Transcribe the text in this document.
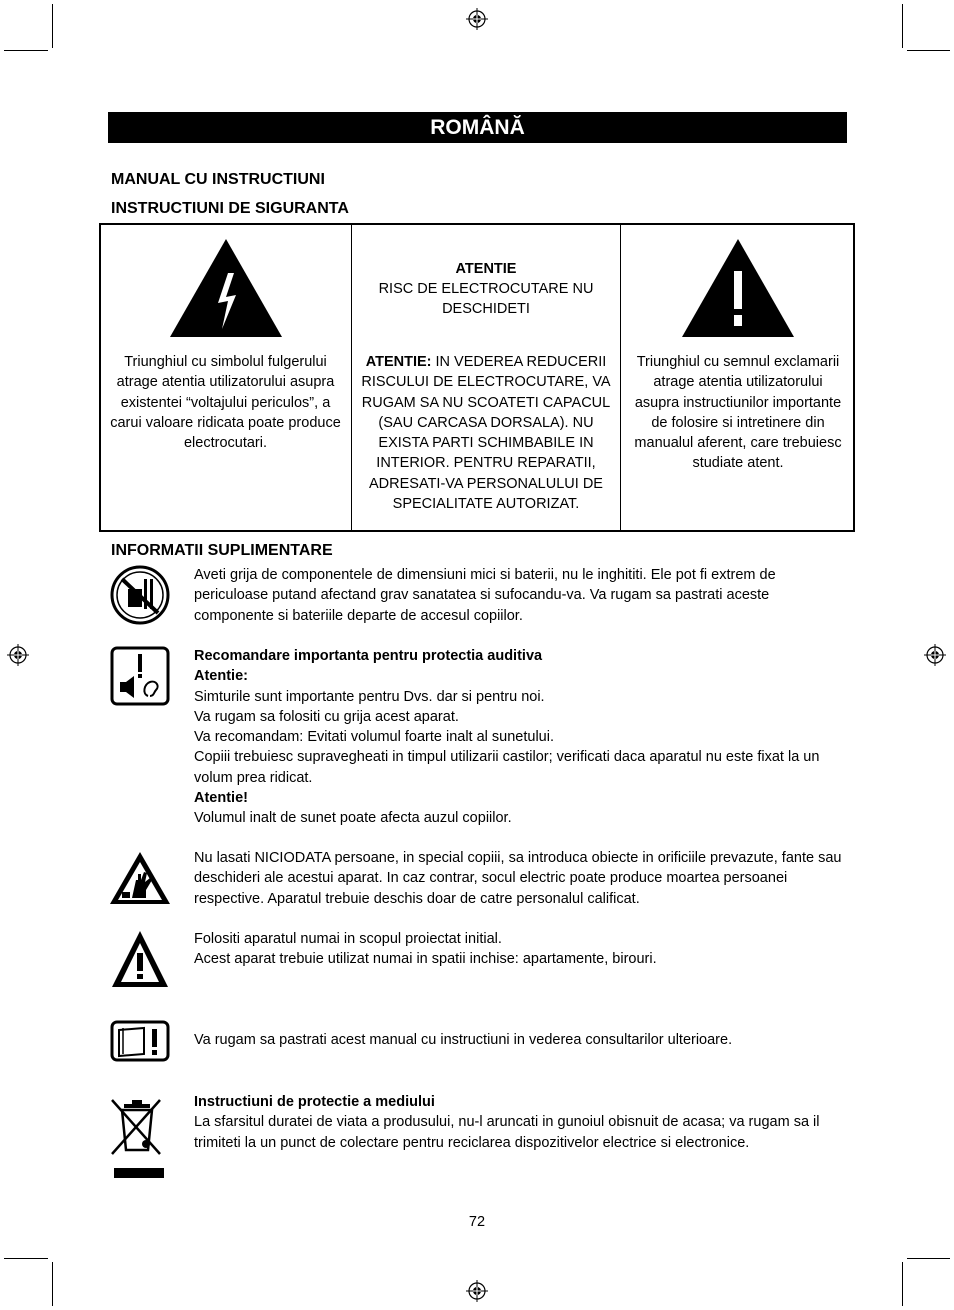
ROMÂNĂ
MANUAL CU INSTRUCTIUNI
INSTRUCTIUNI DE SIGURANTA
Triunghiul cu simbolul fulgerului atrage atentia utilizatorului asupra existentei “voltajului periculos”, a carui valoare ridicata poate produce electrocutari.
ATENTIE
RISC DE ELECTROCUTARE NU DESCHIDETI
ATENTIE: IN VEDEREA REDUCERII RISCULUI DE ELECTROCUTARE, VA RUGAM SA NU SCOATETI CAPACUL (SAU CARCASA DORSALA). NU EXISTA PARTI SCHIMBABILE IN INTERIOR. PENTRU REPARATII, ADRESATI-VA PERSONALULUI DE SPECIALITATE AUTORIZAT.
Triunghiul cu semnul exclamarii atrage atentia utilizatorului asupra instructiunilor importante de folosire si intretinere din manualul aferent, care trebuiesc studiate atent.
INFORMATII SUPLIMENTARE
Aveti grija de componentele de dimensiuni mici si baterii, nu le inghititi. Ele pot fi extrem de periculoase putand afectand grav sanatatea si sufocandu-va. Va rugam sa pastrati aceste componente si bateriile departe de accesul copiilor.

Recomandare importanta pentru protectia auditiva

Atentie:

Simturile sunt importante pentru Dvs. dar si pentru noi.

Va rugam sa folositi cu grija acest aparat.

Va recomandam: Evitati volumul foarte inalt al sunetului.

Copiii trebuiesc supravegheati in timpul utilizarii castilor; verificati daca aparatul nu este fixat la un volum prea ridicat.

Atentie!

Volumul inalt de sunet poate afecta auzul copiilor.

Nu lasati NICIODATA persoane, in special copiii, sa introduca obiecte in orificiile prevazute, fante sau deschideri ale acestui aparat. In caz contrar, socul electric poate produce moartea persoanei respective. Aparatul trebuie deschis doar de catre personalul calificat.

Folositi aparatul numai in scopul proiectat initial.

Acest aparat trebuie utilizat numai in spatii inchise: apartamente, birouri.

Va rugam sa pastrati acest manual cu instructiuni in vederea consultarilor ulterioare.

Instructiuni de protectie a mediului

La sfarsitul duratei de viata a produsului, nu-l aruncati in gunoiul obisnuit de acasa; va rugam sa il trimiteti la un punct de colectare pentru reciclarea dispozitivelor electrice si electronice.

72
